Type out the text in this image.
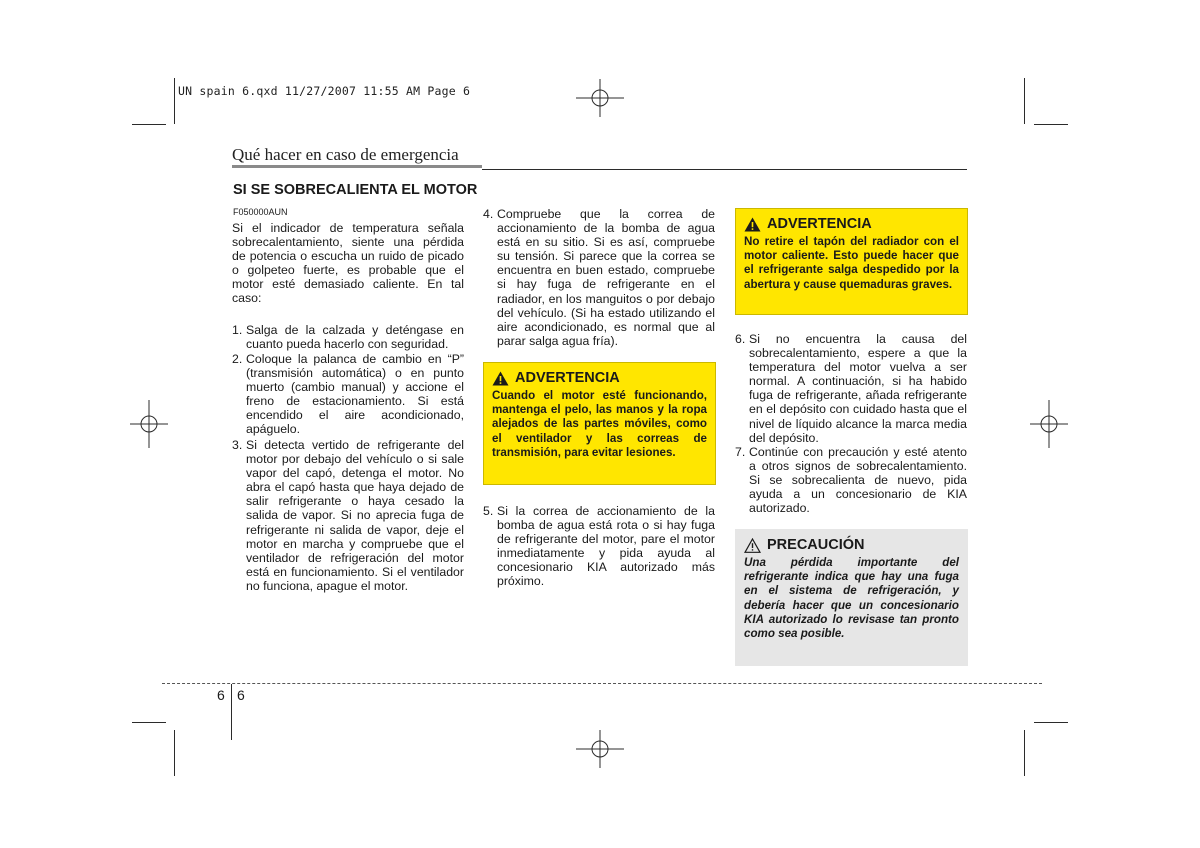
UN spain 6.qxd 11/27/2007 11:55 AM Page 6
Qué hacer en caso de emergencia
SI SE SOBRECALIENTA EL MOTOR
F050000AUN
Si el indicador de temperatura señala sobrecalentamiento, siente una pérdida de potencia o escucha un ruido de picado o golpeteo fuerte, es probable que el motor esté demasiado caliente. En tal caso:
1. Salga de la calzada y deténgase en cuanto pueda hacerlo con seguridad.
2. Coloque la palanca de cambio en “P” (transmisión automática) o en punto muerto (cambio manual) y accione el freno de estacionamiento. Si está encendido el aire acondicionado, apáguelo.
3. Si detecta vertido de refrigerante del motor por debajo del vehículo o si sale vapor del capó, detenga el motor. No abra el capó hasta que haya dejado de salir refrigerante o haya cesado la salida de vapor. Si no aprecia fuga de refrigerante ni salida de vapor, deje el motor en marcha y compruebe que el ventilador de refrigeración del motor está en funcionamiento. Si el ventilador no funciona, apague el motor.
4. Compruebe que la correa de accionamiento de la bomba de agua está en su sitio. Si es así, compruebe su tensión. Si parece que la correa se encuentra en buen estado, compruebe si hay fuga de refrigerante en el radiador, en los manguitos o por debajo del vehículo. (Si ha estado utilizando el aire acondicionado, es normal que al parar salga agua fría).
ADVERTENCIA
Cuando el motor esté funcionando, mantenga el pelo, las manos y la ropa alejados de las partes móviles, como el ventilador y las correas de transmisión, para evitar lesiones.
5. Si la correa de accionamiento de la bomba de agua está rota o si hay fuga de refrigerante del motor, pare el motor inmediatamente y pida ayuda al concesionario KIA autorizado más próximo.
ADVERTENCIA
No retire el tapón del radiador con el motor caliente. Esto puede hacer que el refrigerante salga despedido por la abertura y cause quemaduras graves.
6. Si no encuentra la causa del sobrecalentamiento, espere a que la temperatura del motor vuelva a ser normal. A continuación, si ha habido fuga de refrigerante, añada refrigerante en el depósito con cuidado hasta que el nivel de líquido alcance la marca media del depósito.
7. Continúe con precaución y esté atento a otros signos de sobrecalentamiento. Si se sobrecalienta de nuevo, pida ayuda a un concesionario de KIA autorizado.
PRECAUCIÓN
Una pérdida importante del refrigerante indica que hay una fuga en el sistema de refrigeración, y debería hacer que un concesionario KIA autorizado lo revisase tan pronto como sea posible.
6 6
